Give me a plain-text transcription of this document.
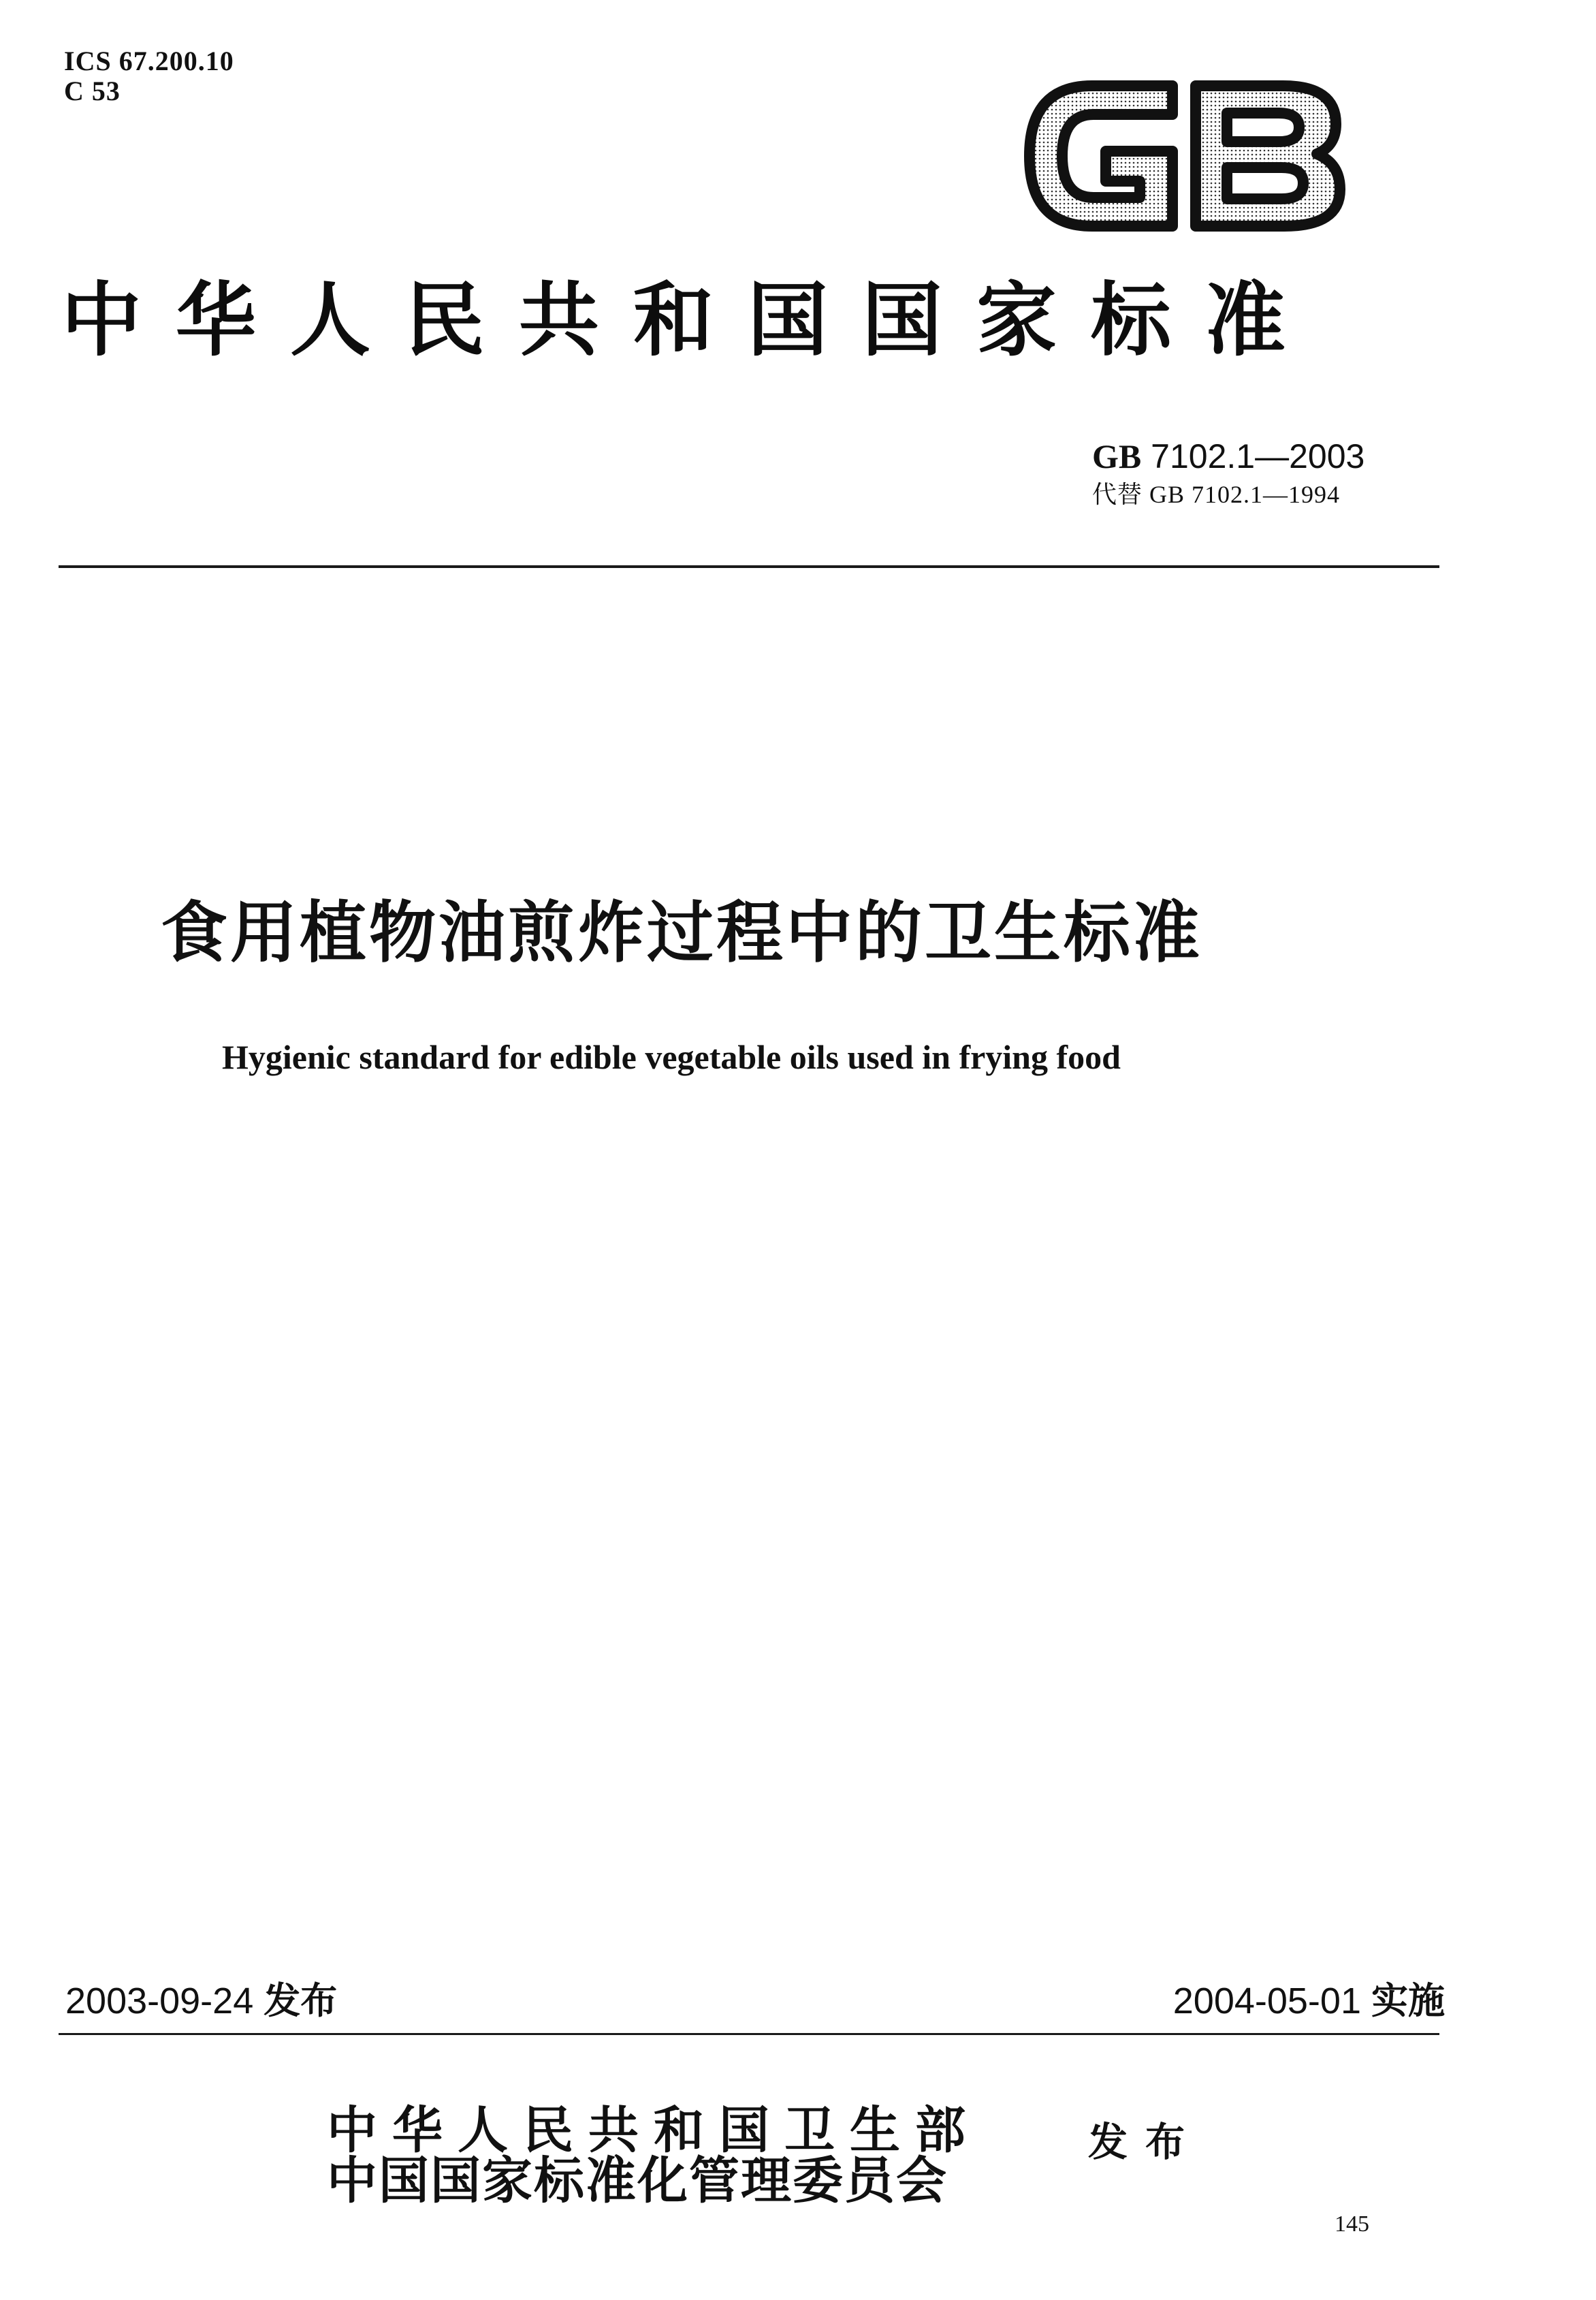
ICS 67.200.10
C 53
GB
中华人民共和国国家标准
GB 7102.1—2003
代替 GB 7102.1—1994
食用植物油煎炸过程中的卫生标准
Hygienic standard for edible vegetable oils used in frying food
2003-09-24 发布	2004-05-01 实施
中华人民共和国卫生部
中国国家标准化管理委员会
发布
145
